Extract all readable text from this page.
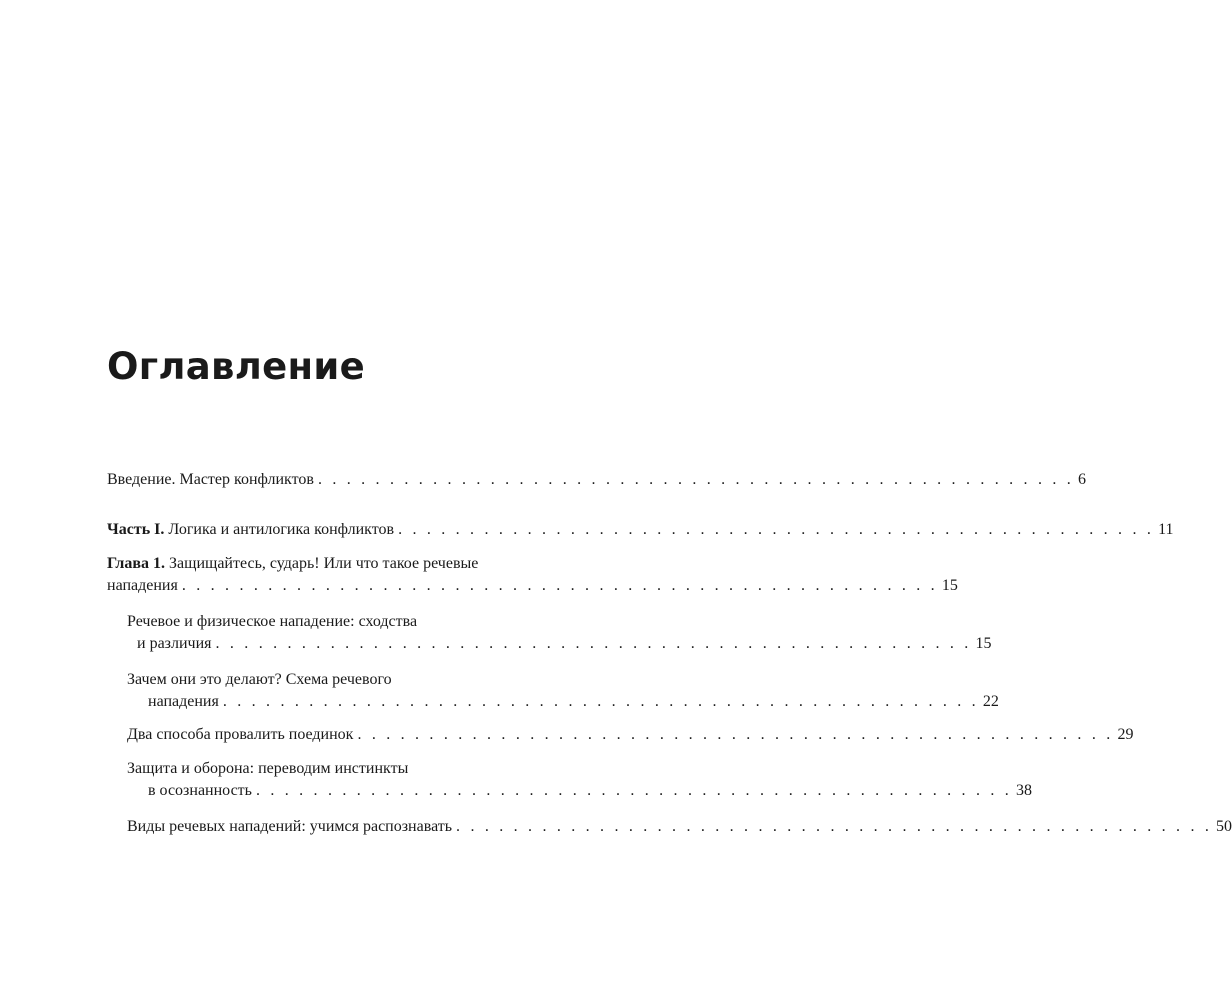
Оглавление
Введение. Мастер конфликтов . . . . . . . . . . . . . . . . . . . . . . . . . . . . . . . . . . . . . . . . . . . . . . . . . . . . . 6
Часть I. Логика и антилогика конфликтов . . . . . . . . . . . . . . . . . . . . . . . . . . . . . . . . . . . . . . . . . . . . . . . . . . . . . 11
Глава 1. Защищайтесь, сударь! Или что такое речевые
нападения . . . . . . . . . . . . . . . . . . . . . . . . . . . . . . . . . . . . . . . . . . . . . . . . . . . . . 15
Речевое и физическое нападение: сходства
и различия . . . . . . . . . . . . . . . . . . . . . . . . . . . . . . . . . . . . . . . . . . . . . . . . . . . . . 15
Зачем они это делают? Схема речевого
нападения . . . . . . . . . . . . . . . . . . . . . . . . . . . . . . . . . . . . . . . . . . . . . . . . . . . . . 22
Два способа провалить поединок . . . . . . . . . . . . . . . . . . . . . . . . . . . . . . . . . . . . . . . . . . . . . . . . . . . . . 29
Защита и оборона: переводим инстинкты
в осознанность . . . . . . . . . . . . . . . . . . . . . . . . . . . . . . . . . . . . . . . . . . . . . . . . . . . . . 38
Виды речевых нападений: учимся распознавать . . . . . . . . . . . . . . . . . . . . . . . . . . . . . . . . . . . . . . . . . . . . . . . . . . . . . 50
